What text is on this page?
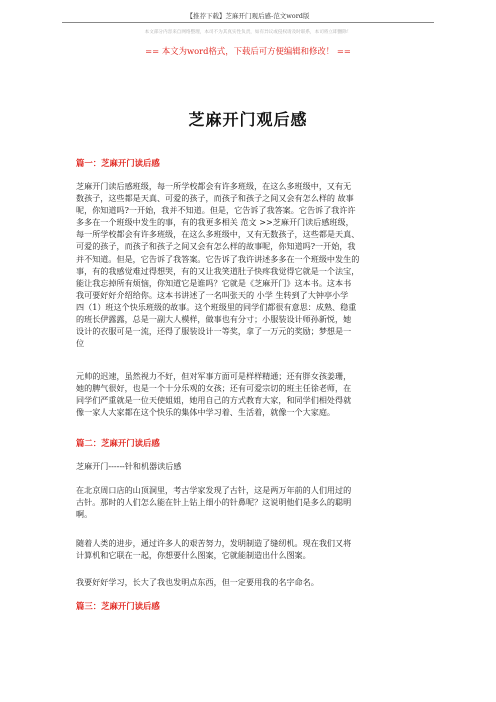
【推荐下载】芝麻开门观后感-范文word版
本文部分内容来自网络整理，本司不为其真实性负责，如有异议或侵权请及时联系，本司将立即删除！
== 本文为word格式，下载后可方便编辑和修改！ ==
芝麻开门观后感
篇一：芝麻开门读后感
芝麻开门读后感班级，每一所学校都会有许多班级，在这么多班级中，又有无
数孩子，这些都是天真、可爱的孩子，而孩子和孩子之间又会有怎么样的 故事
呢，你知道吗?一开始，我并不知道。但是，它告诉了我答案。它告诉了我许许
多多在一个班级中发生的事，有的我更多相关 范文 >>芝麻开门读后感班级，
每一所学校都会有许多班级，在这么多班级中，又有无数孩子，这些都是天真、
可爱的孩子，而孩子和孩子之间又会有怎么样的故事呢，你知道吗?一开始，我
并不知道。但是，它告诉了我答案。它告诉了我许讲述多多在一个班级中发生的
事，有的我感觉难过得想哭，有的又让我笑道肚子快疼我觉得它就是一个法宝，
能让我忘掉所有烦恼，你知道它是谁吗？它就是《芝麻开门》这本书。这本书
我可要好好介绍给你。这本书讲述了一名叫张天的 小学 生转到了大钟亭小学
四（1）班这个快乐班级的故事。这个班级里的同学们都很有意思：成熟、稳重
的班长伊露露，总是一副大人模样，做事也有分寸；小服装设计师孙新悦，她
设计的衣服可是一流，还得了服装设计一等奖，拿了一万元的奖励；梦想是一
位
元帅的迟速，虽然视力不好，但对军事方面可是样样精通；还有胖女孩姜珊，
她的脾气很好，也是一个十分乐观的女孩；还有可爱宗切的班主任徐老师，在
同学们严重就是一位天使姐姐，她用自己的方式教育大家，和同学们相处得就
像一家人大家都在这个快乐的集体中学习着、生活着，就像一个大家庭。
篇二：芝麻开门读后感
芝麻开门------针和机器读后感
在北京周口店的山顶洞里，考古学家发现了古针，这是两万年前的人们用过的
古针。那时的人们怎么能在针上钻上细小的针鼻呢？这说明他们是多么的聪明
啊。
随着人类的进步，通过许多人的艰苦努力，发明制造了缝纫机。现在我们又将
计算机和它联在一起，你想要什么图案，它就能制造出什么图案。
我要好好学习，长大了我也发明点东西，但一定要用我的名字命名。
篇三：芝麻开门读后感
